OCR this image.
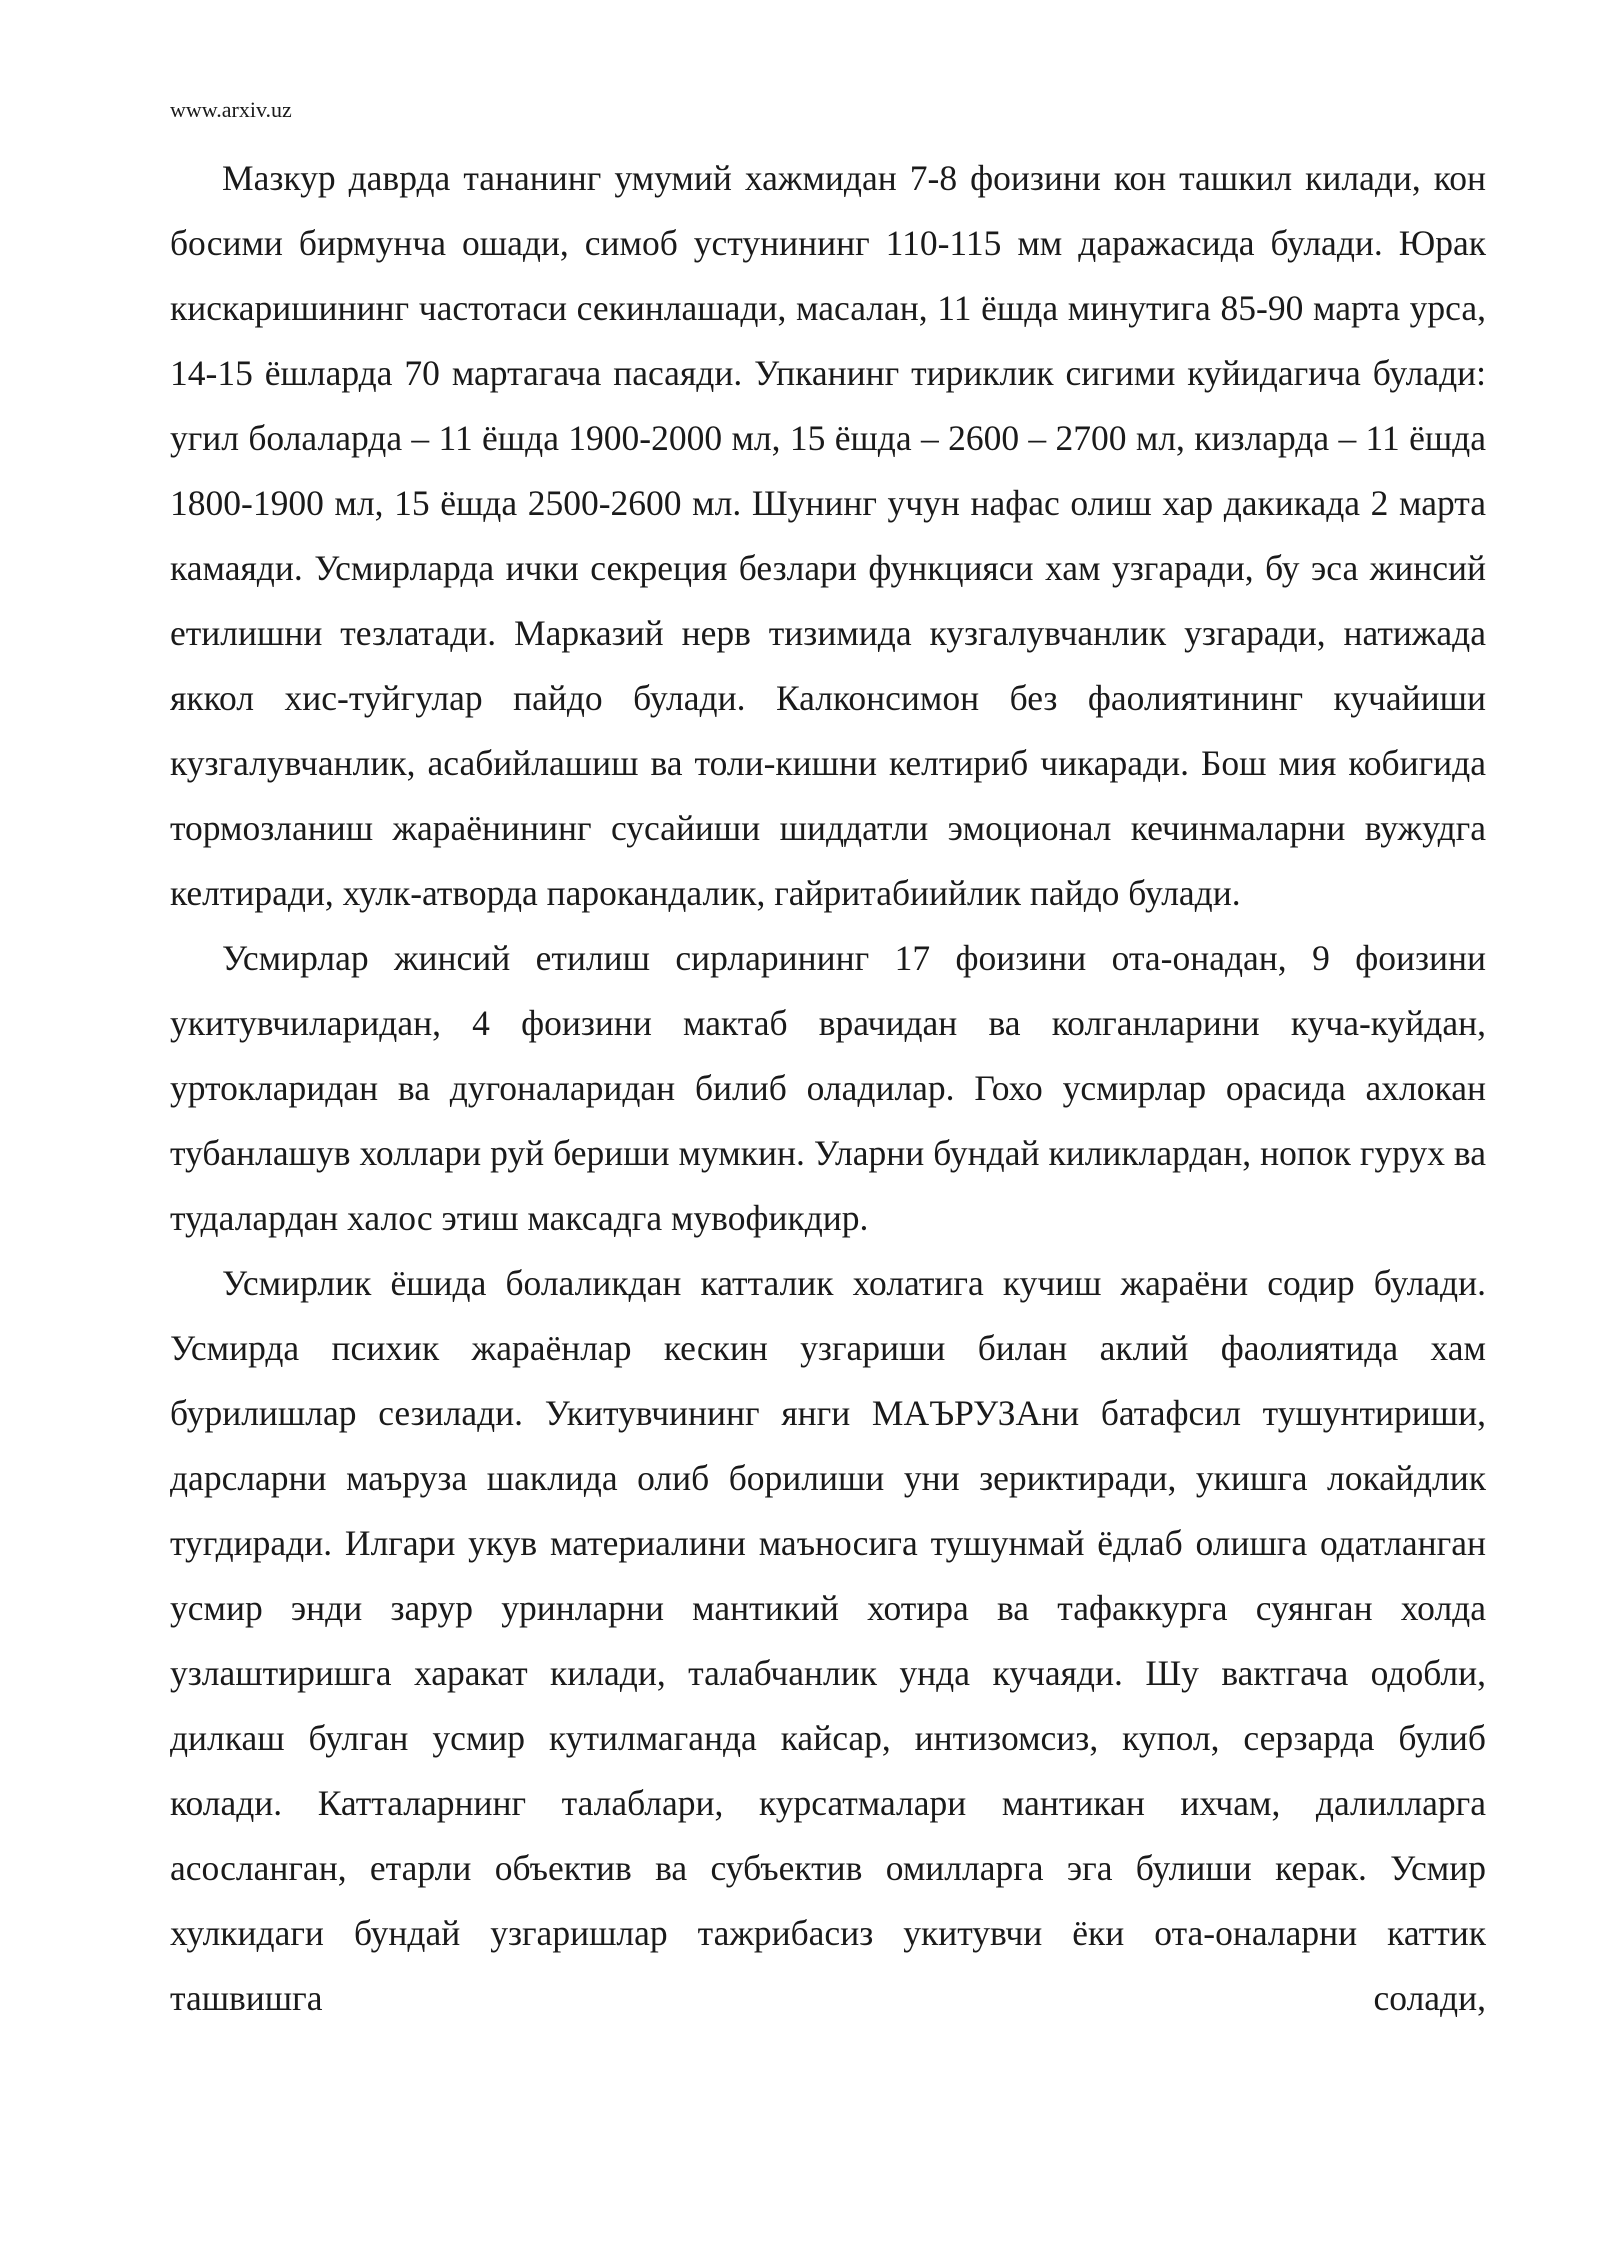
www.arxiv.uz

Мазкур даврда тананинг умумий хажмидан 7-8 фоизини кон ташкил килади, кон босими бирмунча ошади, симоб устунининг 110-115 мм даражасида булади. Юрак кискаришининг частотаси секинлашади, масалан, 11 ёшда минутига 85-90 марта урса, 14-15 ёшларда 70 мартагача пасаяди. Упканинг тириклик сигими куйидагича булади: угил болаларда – 11 ёшда 1900-2000 мл, 15 ёшда – 2600 – 2700 мл, кизларда – 11 ёшда 1800-1900 мл, 15 ёшда 2500-2600 мл. Шунинг учун нафас олиш хар дакикада 2 марта камаяди. Усмирларда ички секреция безлари функцияси хам узгаради, бу эса жинсий етилишни тезлатади. Марказий нерв тизимида кузгалувчанлик узгаради, натижада яккол хис-туйгулар пайдо булади. Калконсимон без фаолиятининг кучайиши кузгалувчанлик, асабийлашиш ва толи-кишни келтириб чикаради. Бош мия кобигида тормозланиш жараёнининг сусайиши шиддатли эмоционал кечинмаларни вужудга келтиради, хулк-атворда парокандалик, гайритабиийлик пайдо булади.

Усмирлар жинсий етилиш сирларининг 17 фоизини ота-онадан, 9 фоизини укитувчиларидан, 4 фоизини мактаб врачидан ва колганларини куча-куйдан, уртокларидан ва дугоналаридан билиб оладилар. Гохо усмирлар орасида ахлокан тубанлашув холлари руй бериши мумкин. Уларни бундай киликлардан, нопок гурух ва тудалардан халос этиш максадга мувофикдир.

Усмирлик ёшида болаликдан катталик холатига кучиш жараёни содир булади. Усмирда психик жараёнлар кескин узгариши билан аклий фаолиятида хам бурилишлар сезилади. Укитувчининг янги МАЪРУЗАни батафсил тушунтириши, дарсларни маъруза шаклида олиб борилиши уни зериктиради, укишга локайдлик тугдиради. Илгари укув материалини маъносига тушунмай ёдлаб олишга одатланган усмир энди зарур уринларни мантикий хотира ва тафаккурга суянган холда узлаштиришга харакат килади, талабчанлик унда кучаяди. Шу вактгача одобли, дилкаш булган усмир кутилмаганда кайсар, интизомсиз, купол, серзарда булиб колади. Катталарнинг талаблари, курсатмалари мантикан ихчам, далилларга асосланган, етарли объектив ва субъектив омилларга эга булиши керак. Усмир хулкидаги бундай узгаришлар тажрибасиз укитувчи ёки ота-оналарни каттик ташвишга солади,
